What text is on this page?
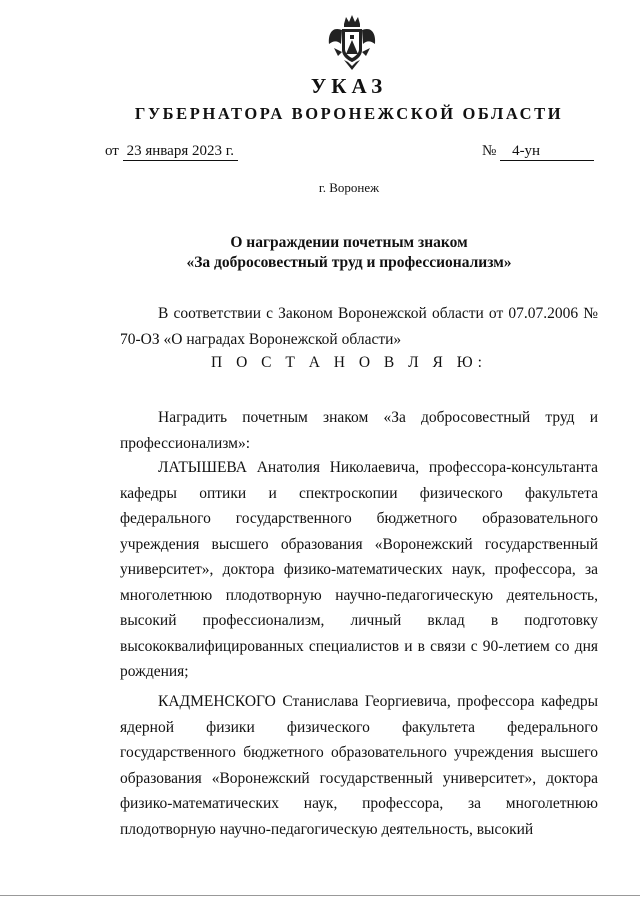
УКАЗ
ГУБЕРНАТОРА ВОРОНЕЖСКОЙ ОБЛАСТИ
от 23 января 2023 г.	№ 4-ун
г. Воронеж
О награждении почетным знаком
«За добросовестный труд и профессионализм»

В соответствии с Законом Воронежской области от 07.07.2006 № 70-ОЗ «О наградах Воронежской области»

П О С Т А Н О В Л Я Ю:

Наградить почетным знаком «За добросовестный труд и профессионализм»:

ЛАТЫШЕВА Анатолия Николаевича, профессора-консультанта кафедры оптики и спектроскопии физического факультета федерального государственного бюджетного образовательного учреждения высшего образования «Воронежский государственный университет», доктора физико-математических наук, профессора, за многолетнюю плодотворную научно-педагогическую деятельность, высокий профессионализм, личный вклад в подготовку высококвалифицированных специалистов и в связи с 90-летием со дня рождения;

КАДМЕНСКОГО Станислава Георгиевича, профессора кафедры ядерной физики физического факультета федерального государственного бюджетного образовательного учреждения высшего образования «Воронежский государственный университет», доктора физико-математических наук, профессора, за многолетнюю плодотворную научно-педагогическую деятельность, высокий
